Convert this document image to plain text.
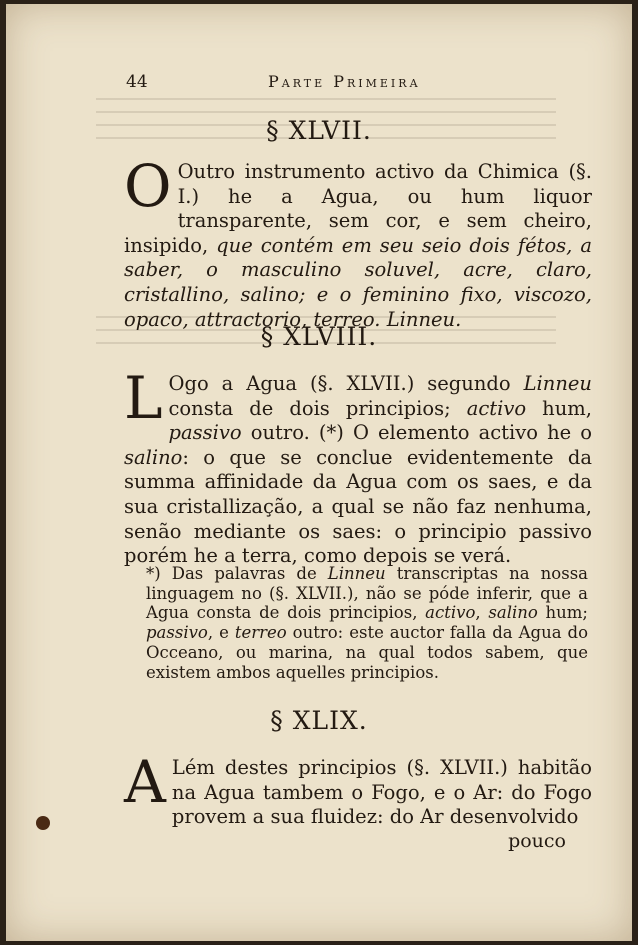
44	Parte Primeira
§ XLVII.

O Outro instrumento activo da Chimica (§. I.) he a Agua, ou hum liquor transparente, sem cor, e sem cheiro, insipido, que contém em seu seio dois fétos, a saber, o masculino soluvel, acre, claro, cristallino, salino; e o feminino fixo, viscozo, opaco, attractorio, terreo. Linneu.

§ XLVIII.

L Ogo a Agua (§. XLVII.) segundo Linneu consta de dois principios; activo hum, passivo outro. (*) O elemento activo he o salino: o que se conclue evidentemente da summa affinidade da Agua com os saes, e da sua cristallização, a qual se não faz nenhuma, senão mediante os saes: o principio passivo porém he a terra, como depois se verá.

*) Das palavras de Linneu transcriptas na nossa linguagem no (§. XLVII.), não se póde inferir, que a Agua consta de dois principios, activo, salino hum; passivo, e terreo outro: este auctor falla da Agua do Occeano, ou marina, na qual todos sabem, que existem ambos aquelles principios.

§ XLIX.

A Lém destes principios (§. XLVII.) habitão na Agua tambem o Fogo, e o Ar: do Fogo provem a sua fluidez: do Ar desenvolvido

pouco
